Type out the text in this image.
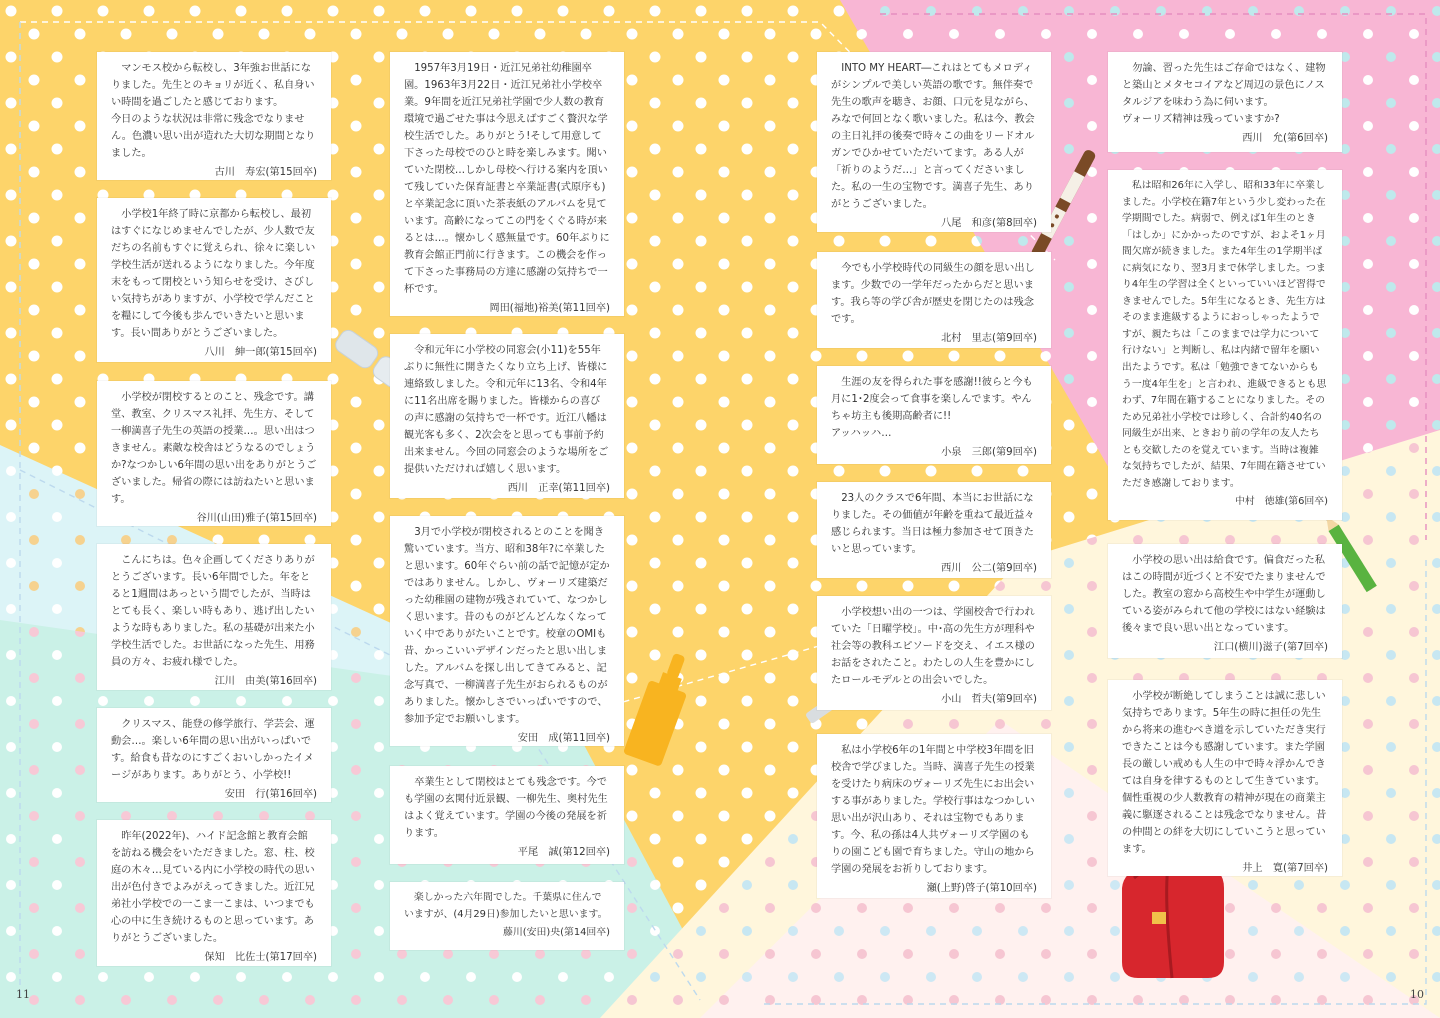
マンモス校から転校し、3年強お世話になりました。先生とのキョリが近く、私自身いい時間を過ごしたと感じております。
今日のような状況は非常に残念でなりません。色濃い思い出が造れた大切な期間となりました。
古川　寿宏(第15回卒)
小学校1年終了時に京都から転校し、最初はすぐになじめませんでしたが、少人数で友だちの名前もすぐに覚えられ、徐々に楽しい学校生活が送れるようになりました。今年度末をもって閉校という知らせを受け、さびしい気持ちがありますが、小学校で学んだことを糧にして今後も歩んでいきたいと思います。長い間ありがとうございました。
八川　紳一郎(第15回卒)
小学校が閉校するとのこと、残念です。講堂、教室、クリスマス礼拝、先生方、そして一柳満喜子先生の英語の授業…。思い出はつきません。素敵な校舎はどうなるのでしょうか?なつかしい6年間の思い出をありがとうございました。帰省の際には訪ねたいと思います。
谷川(山田)雅子(第15回卒)
こんにちは。色々企画してくださりありがとうございます。長い6年間でした。年をとると1週間はあっという間でしたが、当時はとても長く、楽しい時もあり、逃げ出したいような時もありました。私の基礎が出来た小学校生活でした。お世話になった先生、用務員の方々、お疲れ様でした。
江川　由美(第16回卒)
クリスマス、能登の修学旅行、学芸会、運動会…。楽しい6年間の思い出がいっぱいです。給食も昔なのにすごくおいしかったイメージがあります。ありがとう、小学校!!
安田　行(第16回卒)
昨年(2022年)、ハイド記念館と教育会館を訪ねる機会をいただきました。窓、柱、校庭の木々…見ている内に小学校の時代の思い出が色付きでよみがえってきました。近江兄弟社小学校での一こま一こまは、いつまでも心の中に生き続けるものと思っています。ありがとうございました。
保知　比佐士(第17回卒)
1957年3月19日・近江兄弟社幼稚園卒園。1963年3月22日・近江兄弟社小学校卒業。9年間を近江兄弟社学園で少人数の教育環境で過ごせた事は今思えばすごく贅沢な学校生活でした。ありがとう!そして用意して下さった母校でのひと時を楽しみます。聞いていた閉校…しかし母校へ行ける案内を頂いて残していた保育証書と卒業証書(式原序も)と卒業記念に頂いた茶表紙のアルバムを見ています。高齢になってこの門をくぐる時が来るとは…。懐かしく感無量です。60年ぶりに教育会館正門前に行きます。この機会を作って下さった事務局の方達に感謝の気持ちで一杯です。
岡田(福地)裕美(第11回卒)
令和元年に小学校の同窓会(小11)を55年ぶりに無性に開きたくなり立ち上げ、皆様に連絡致しました。令和元年に13名、令和4年に11名出席を賜りました。皆様からの喜びの声に感謝の気持ちで一杯です。近江八幡は観光客も多く、2次会をと思っても事前予約出来ません。今回の同窓会のような場所をご提供いただければ嬉しく思います。
西川　正幸(第11回卒)
3月で小学校が閉校されるとのことを聞き驚いています。当方、昭和38年?に卒業したと思います。60年ぐらい前の話で記憶が定かではありません。しかし、ヴォーリズ建築だった幼稚園の建物が残されていて、なつかしく思います。昔のものがどんどんなくなっていく中でありがたいことです。校章のOMIも昔、かっこいいデザインだったと思い出しました。アルバムを探し出してきてみると、記念写真で、一柳満喜子先生がおられるものがありました。懐かしさでいっぱいですので、参加予定でお願いします。
安田　成(第11回卒)
卒業生として閉校はとても残念です。今でも学園の玄関付近景観、一柳先生、奥村先生はよく覚えています。学園の今後の発展を祈ります。
平尾　誠(第12回卒)
楽しかった六年間でした。千葉県に住んでいますが、(4月29日)参加したいと思います。
藤川(安田)央(第14回卒)
INTO MY HEART―これはとてもメロディがシンプルで美しい英語の歌です。無伴奏で先生の歌声を聴き、お顔、口元を見ながら、みなで何回となく歌いました。私は今、教会の主日礼拝の後奏で時々この曲をリードオルガンでひかせていただいてます。ある人が「祈りのようだ…」と言ってくださいました。私の一生の宝物です。満喜子先生、ありがとうございました。
八尾　和彦(第8回卒)
今でも小学校時代の同級生の顔を思い出します。少数での一学年だったからだと思います。我ら等の学び舎が歴史を閉じたのは残念です。
北村　里志(第9回卒)
生涯の友を得られた事を感謝!!彼らと今も月に1･2度会って食事を楽しんでます。やんちゃ坊主も後期高齢者に!!
アッハッハ…
小泉　三郎(第9回卒)
23人のクラスで6年間、本当にお世話になりました。その価値が年齢を重ねて最近益々感じられます。当日は極力参加させて頂きたいと思っています。
西川　公二(第9回卒)
小学校想い出の一つは、学園校舎で行われていた「日曜学校」。中･高の先生方が理科や社会等の教科エピソードを交え、イエス様のお話をされたこと。わたしの人生を豊かにしたロールモデルとの出会いでした。
小山　哲夫(第9回卒)
私は小学校6年の1年間と中学校3年間を旧校舎で学びました。当時、満喜子先生の授業を受けたり病床のヴォーリズ先生にお出会いする事がありました。学校行事はなつかしい思い出が沢山あり、それは宝物でもあります。今、私の孫は4人共ヴォーリズ学園のもりの園こども園で育ちました。守山の地から学園の発展をお祈りしております。
瀬(上野)啓子(第10回卒)
勿論、習った先生はご存命ではなく、建物と築山とメタセコイアなど周辺の景色にノスタルジアを味わう為に伺います。
ヴォーリズ精神は残っていますか?
西川　允(第6回卒)
私は昭和26年に入学し、昭和33年に卒業しました。小学校在籍7年という少し変わった在学期間でした。病弱で、例えば1年生のとき「はしか」にかかったのですが、およそ1ヶ月間欠席が続きました。また4年生の1学期半ばに病気になり、翌3月まで休学しました。つまり4年生の学習は全くといっていいほど習得できませんでした。5年生になるとき、先生方はそのまま進級するようにおっしゃったようですが、親たちは「このままでは学力について行けない」と判断し、私は内緒で留年を願い出たようです。私は「勉強できてないからもう一度4年生を」と言われ、進級できるとも思わず、7年間在籍することになりました。そのため兄弟社小学校では珍しく、合計約40名の同級生が出来、ときおり前の学年の友人たちとも交歓したのを覚えています。当時は複雑な気持ちでしたが、結果、7年間在籍させていただき感謝しております。
中村　徳雄(第6回卒)
小学校の思い出は給食です。偏食だった私はこの時間が近づくと不安でたまりませんでした。教室の窓から高校生や中学生が運動している姿がみられて他の学校にはない経験は後々まで良い思い出となっています。
江口(横川)滋子(第7回卒)
小学校が断絶してしまうことは誠に悲しい気持ちであります。5年生の時に担任の先生から将来の進むべき道を示していただき実行できたことは今も感謝しています。また学園長の厳しい戒めも人生の中で時々浮かんできては自身を律するものとして生きています。個性重視の少人数教育の精神が現在の商業主義に駆逐されることは残念でなりません。昔の仲間との絆を大切にしていこうと思っています。
井上　寛(第7回卒)
11	10
